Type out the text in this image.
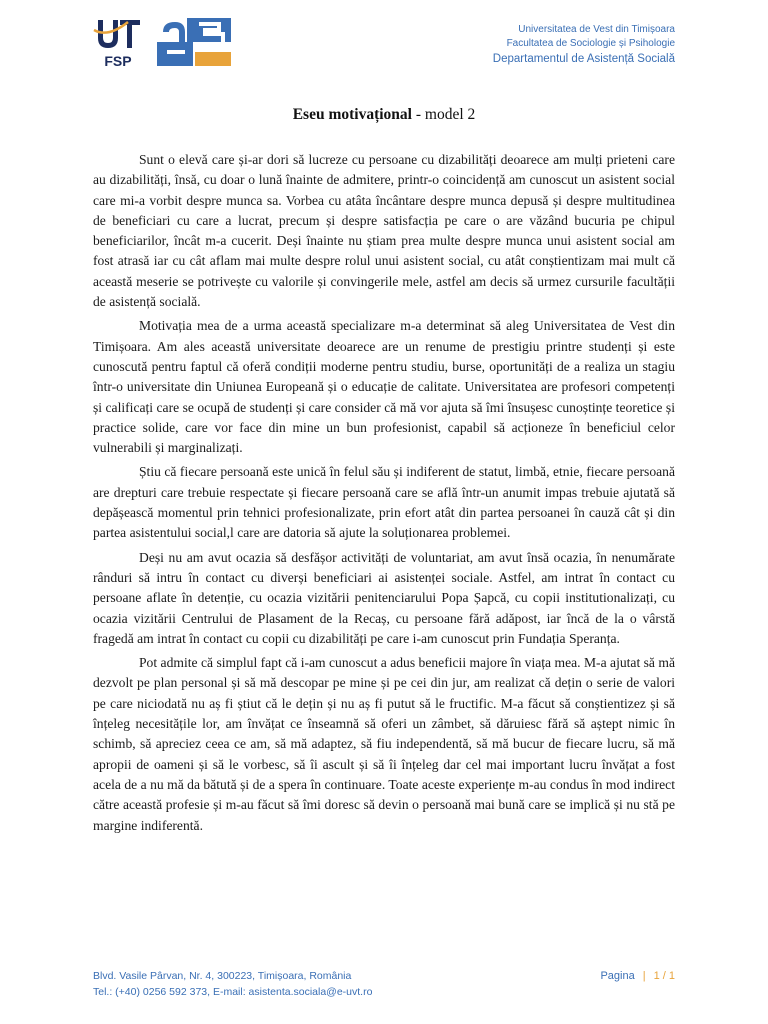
FSP
Universitatea de Vest din Timișoara
Facultatea de Sociologie și Psihologie
Departamentul de Asistență Socială
Eseu motivațional - model 2

Sunt o elevă care și-ar dori să lucreze cu persoane cu dizabilități deoarece am mulți prieteni care au dizabilități, însă, cu doar o lună înainte de admitere, printr-o coincidență am cunoscut un asistent social care mi-a vorbit despre munca sa. Vorbea cu atâta încântare despre munca depusă și despre multitudinea de beneficiari cu care a lucrat, precum și despre satisfacția pe care o are văzând bucuria pe chipul beneficiarilor, încât m-a cucerit. Deși înainte nu știam prea multe despre munca unui asistent social am fost atrasă iar cu cât aflam mai multe despre rolul unui asistent social, cu atât conștientizam mai mult că această meserie se potrivește cu valorile și convingerile mele, astfel am decis să urmez cursurile facultății de asistență socială.

Motivația mea de a urma această specializare m-a determinat să aleg Universitatea de Vest din Timișoara. Am ales această universitate deoarece are un renume de prestigiu printre studenți și este cunoscută pentru faptul că oferă condiții moderne pentru studiu, burse, oportunități de a realiza un stagiu într-o universitate din Uniunea Europeană și o educație de calitate. Universitatea are profesori competenți și calificați care se ocupă de studenți și care consider că mă vor ajuta să îmi însușesc cunoștințe teoretice și practice solide, care vor face din mine un bun profesionist, capabil să acționeze în beneficiul celor vulnerabili și marginalizați.

Știu că fiecare persoană este unică în felul său și indiferent de statut, limbă, etnie, fiecare persoană are drepturi care trebuie respectate și fiecare persoană care se află într-un anumit impas trebuie ajutată să depășească momentul prin tehnici profesionalizate, prin efort atât din partea persoanei în cauză cât și din partea asistentului social,l care are datoria să ajute la soluționarea problemei.

Deși nu am avut ocazia să desfășor activități de voluntariat, am avut însă ocazia, în nenumărate rânduri să intru în contact cu diverși beneficiari ai asistenței sociale. Astfel, am intrat în contact cu persoane aflate în detenție, cu ocazia vizitării penitenciarului Popa Șapcă, cu copii institutionalizați, cu ocazia vizitării Centrului de Plasament de la Recaș, cu persoane fără adăpost, iar încă de la o vârstă fragedă am intrat în contact cu copii cu dizabilități pe care i-am cunoscut prin Fundația Speranța.

Pot admite că simplul fapt că i-am cunoscut a adus beneficii majore în viața mea. M-a ajutat să mă dezvolt pe plan personal și să mă descopar pe mine și pe cei din jur, am realizat că dețin o serie de valori pe care niciodată nu aș fi știut că le dețin și nu aș fi putut să le fructific. M-a făcut să conștientizez și să înțeleg necesitățile lor, am învățat ce înseamnă să oferi un zâmbet, să dăruiesc fără să aștept nimic în schimb, să apreciez ceea ce am, să mă adaptez, să fiu independentă, să mă bucur de fiecare lucru, să mă apropii de oameni și să le vorbesc, să îi ascult și să îi înțeleg dar cel mai important lucru învățat a fost acela de a nu mă da bătută și de a spera în continuare. Toate aceste experiențe m-au condus în mod indirect către această profesie și m-au făcut să îmi doresc să devin o persoană mai bună care se implică și nu stă pe margine indiferentă.

Blvd. Vasile Pârvan, Nr. 4, 300223, Timișoara, România
Tel.: (+40) 0256 592 373, E-mail: asistenta.sociala@e-uvt.ro
Pagina | 1 / 1
